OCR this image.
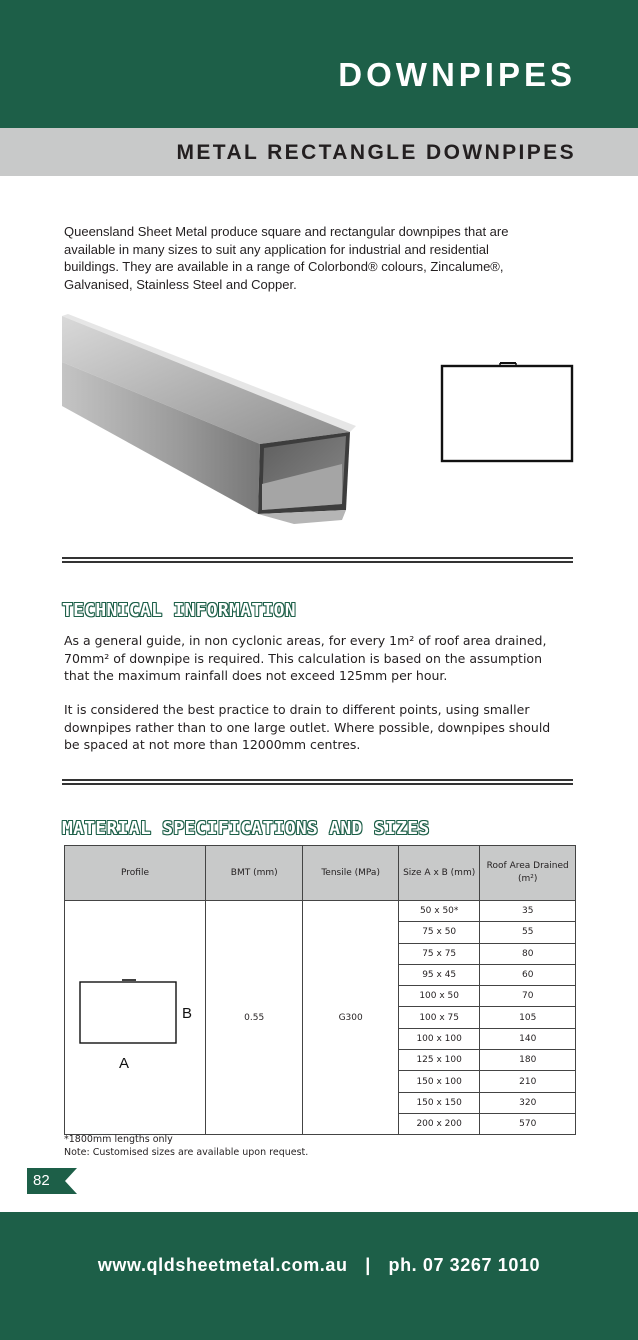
DOWNPIPES
METAL RECTANGLE DOWNPIPES
Queensland Sheet Metal produce square and rectangular downpipes that are available in many sizes to suit any application for industrial and residential buildings. They are available in a range of Colorbond® colours, Zincalume®, Galvanised, Stainless Steel and Copper.
TECHNICAL INFORMATION
As a general guide, in non cyclonic areas, for every 1m² of roof area drained, 70mm² of downpipe is required. This calculation is based on the assumption that the maximum rainfall does not exceed 125mm per hour.
It is considered the best practice to drain to different points, using smaller downpipes rather than to one large outlet. Where possible, downpipes should be spaced at not more than 12000mm centres.
MATERIAL SPECIFICATIONS AND SIZES
Profile	BMT (mm)	Tensile (MPa)	Size A x B (mm)	Roof Area Drained (m²)

B
A	0.55	G300	50 x 50*	35
			75 x 50	55
			75 x 75	80
			95 x 45	60
			100 x 50	70
			100 x 75	105
			100 x 100	140
			125 x 100	180
			150 x 100	210
			150 x 150	320
			200 x 200	570
*1800mm lengths only
Note: Customised sizes are available upon request.
82
www.qldsheetmetal.com.au | ph. 07 3267 1010
